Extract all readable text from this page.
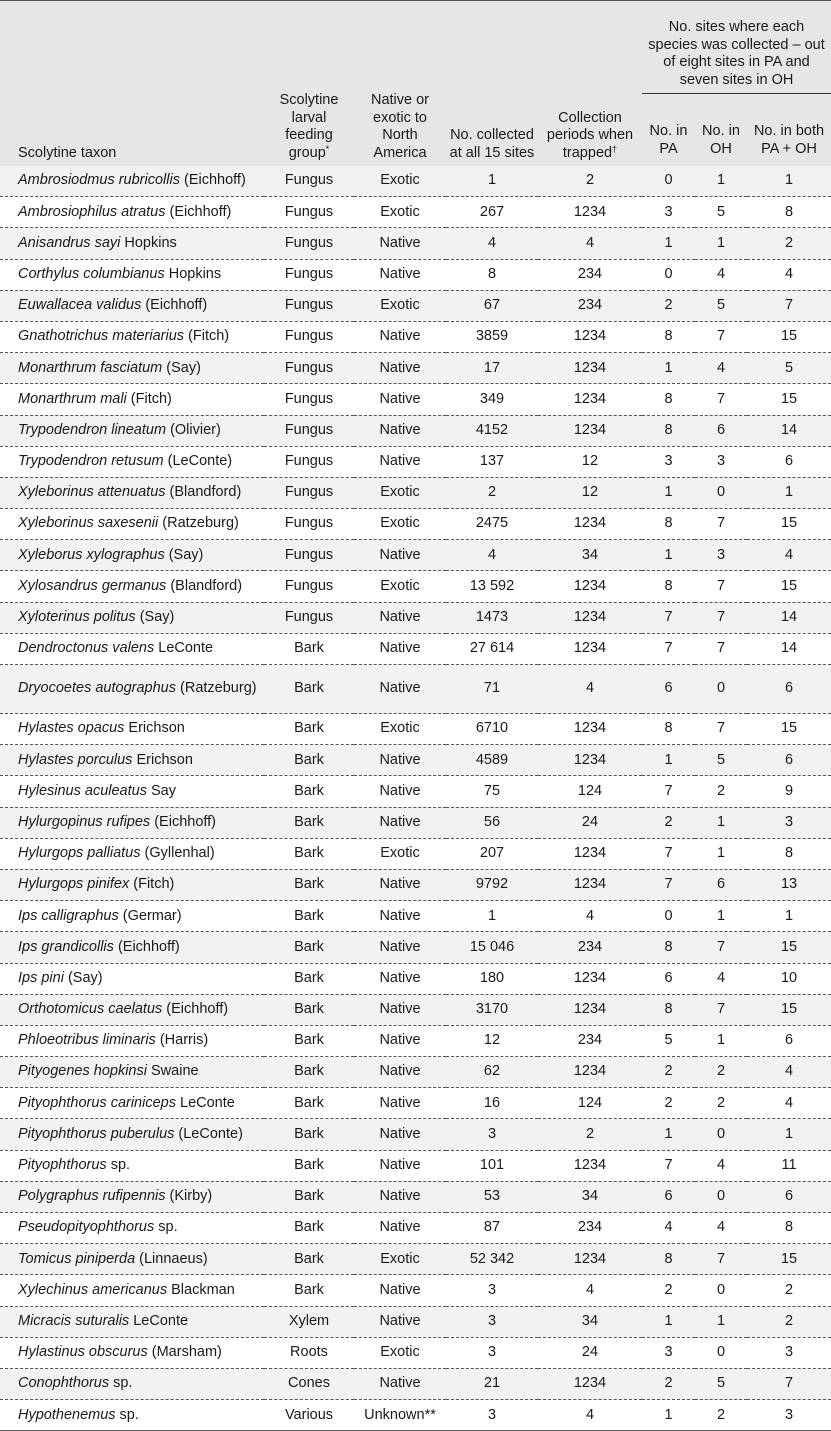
Scolytine taxon	Scolytine larval feeding group*	Native or exotic to North America	No. collected at all 15 sites	Collection periods when trapped†	No. sites where each species was collected – out of eight sites in PA and seven sites in OH		
					No. in PA	No. in OH	No. in both PA + OH
Ambrosiodmus rubricollis (Eichhoff)	Fungus	Exotic	1	2	0	1	1
Ambrosiophilus atratus (Eichhoff)	Fungus	Exotic	267	1234	3	5	8
Anisandrus sayi Hopkins	Fungus	Native	4	4	1	1	2
Corthylus columbianus Hopkins	Fungus	Native	8	234	0	4	4
Euwallacea validus (Eichhoff)	Fungus	Exotic	67	234	2	5	7
Gnathotrichus materiarius (Fitch)	Fungus	Native	3859	1234	8	7	15
Monarthrum fasciatum (Say)	Fungus	Native	17	1234	1	4	5
Monarthrum mali (Fitch)	Fungus	Native	349	1234	8	7	15
Trypodendron lineatum (Olivier)	Fungus	Native	4152	1234	8	6	14
Trypodendron retusum (LeConte)	Fungus	Native	137	12	3	3	6
Xyleborinus attenuatus (Blandford)	Fungus	Exotic	2	12	1	0	1
Xyleborinus saxesenii (Ratzeburg)	Fungus	Exotic	2475	1234	8	7	15
Xyleborus xylographus (Say)	Fungus	Native	4	34	1	3	4
Xylosandrus germanus (Blandford)	Fungus	Exotic	13 592	1234	8	7	15
Xyloterinus politus (Say)	Fungus	Native	1473	1234	7	7	14
Dendroctonus valens LeConte	Bark	Native	27 614	1234	7	7	14
Dryocoetes autographus (Ratzeburg)	Bark	Native	71	4	6	0	6
Hylastes opacus Erichson	Bark	Exotic	6710	1234	8	7	15
Hylastes porculus Erichson	Bark	Native	4589	1234	1	5	6
Hylesinus aculeatus Say	Bark	Native	75	124	7	2	9
Hylurgopinus rufipes (Eichhoff)	Bark	Native	56	24	2	1	3
Hylurgops palliatus (Gyllenhal)	Bark	Exotic	207	1234	7	1	8
Hylurgops pinifex (Fitch)	Bark	Native	9792	1234	7	6	13
Ips calligraphus (Germar)	Bark	Native	1	4	0	1	1
Ips grandicollis (Eichhoff)	Bark	Native	15 046	234	8	7	15
Ips pini (Say)	Bark	Native	180	1234	6	4	10
Orthotomicus caelatus (Eichhoff)	Bark	Native	3170	1234	8	7	15
Phloeotribus liminaris (Harris)	Bark	Native	12	234	5	1	6
Pityogenes hopkinsi Swaine	Bark	Native	62	1234	2	2	4
Pityophthorus cariniceps LeConte	Bark	Native	16	124	2	2	4
Pityophthorus puberulus (LeConte)	Bark	Native	3	2	1	0	1
Pityophthorus sp.	Bark	Native	101	1234	7	4	11
Polygraphus rufipennis (Kirby)	Bark	Native	53	34	6	0	6
Pseudopityophthorus sp.	Bark	Native	87	234	4	4	8
Tomicus piniperda (Linnaeus)	Bark	Exotic	52 342	1234	8	7	15
Xylechinus americanus Blackman	Bark	Native	3	4	2	0	2
Micracis suturalis LeConte	Xylem	Native	3	34	1	1	2
Hylastinus obscurus (Marsham)	Roots	Exotic	3	24	3	0	3
Conophthorus sp.	Cones	Native	21	1234	2	5	7
Hypothenemus sp.	Various	Unknown**	3	4	1	2	3
